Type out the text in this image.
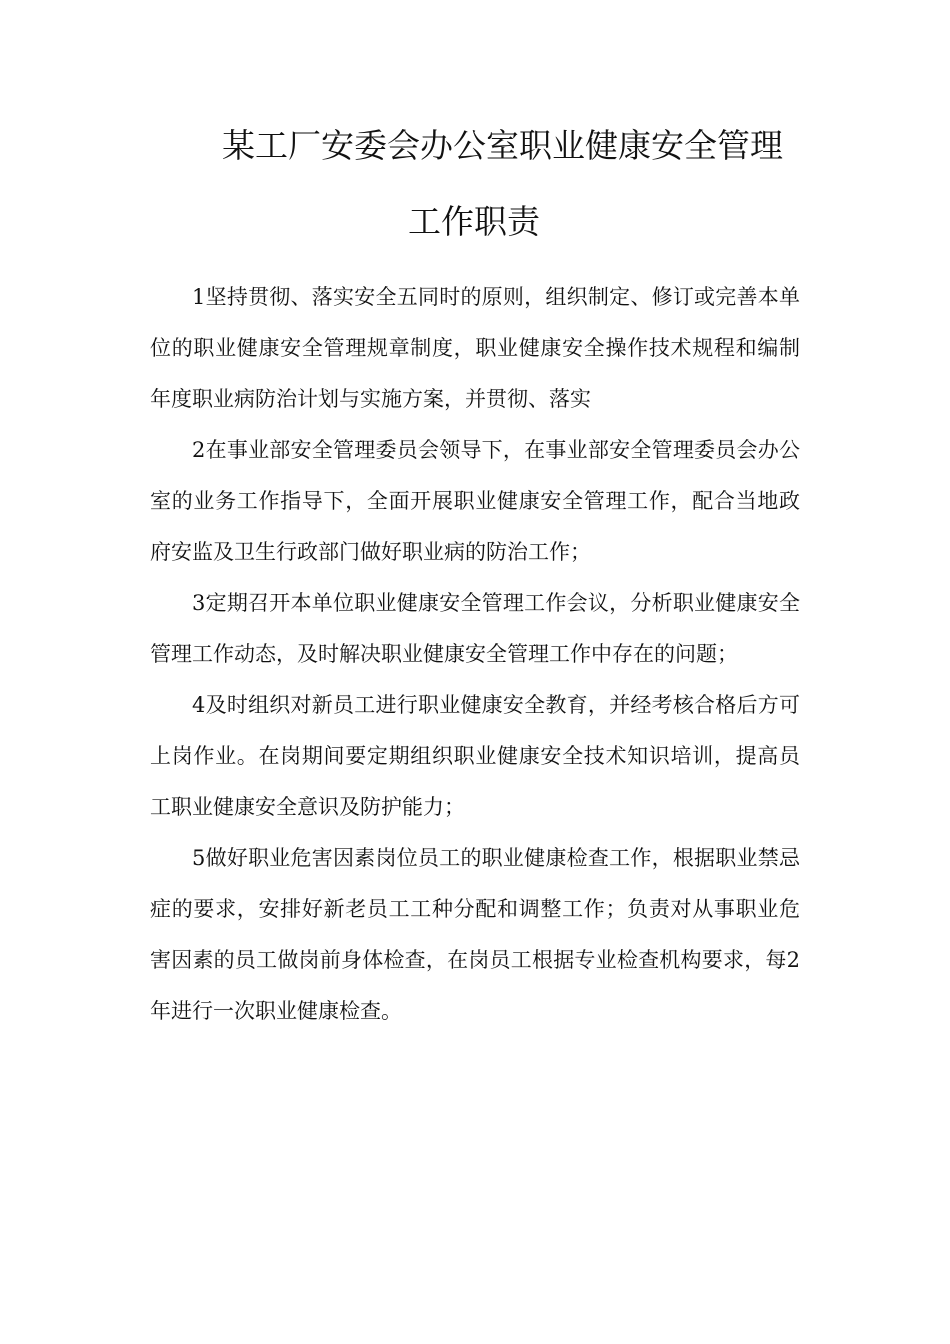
某工厂安委会办公室职业健康安全管理
工作职责

1坚持贯彻、落实安全五同时的原则，组织制定、修订或完善本单位的职业健康安全管理规章制度，职业健康安全操作技术规程和编制年度职业病防治计划与实施方案，并贯彻、落实

2在事业部安全管理委员会领导下，在事业部安全管理委员会办公室的业务工作指导下，全面开展职业健康安全管理工作，配合当地政府安监及卫生行政部门做好职业病的防治工作；

3定期召开本单位职业健康安全管理工作会议，分析职业健康安全管理工作动态，及时解决职业健康安全管理工作中存在的问题；

4及时组织对新员工进行职业健康安全教育，并经考核合格后方可上岗作业。在岗期间要定期组织职业健康安全技术知识培训，提高员工职业健康安全意识及防护能力；

5做好职业危害因素岗位员工的职业健康检查工作，根据职业禁忌症的要求，安排好新老员工工种分配和调整工作；负责对从事职业危害因素的员工做岗前身体检查，在岗员工根据专业检查机构要求，每2年进行一次职业健康检查。
